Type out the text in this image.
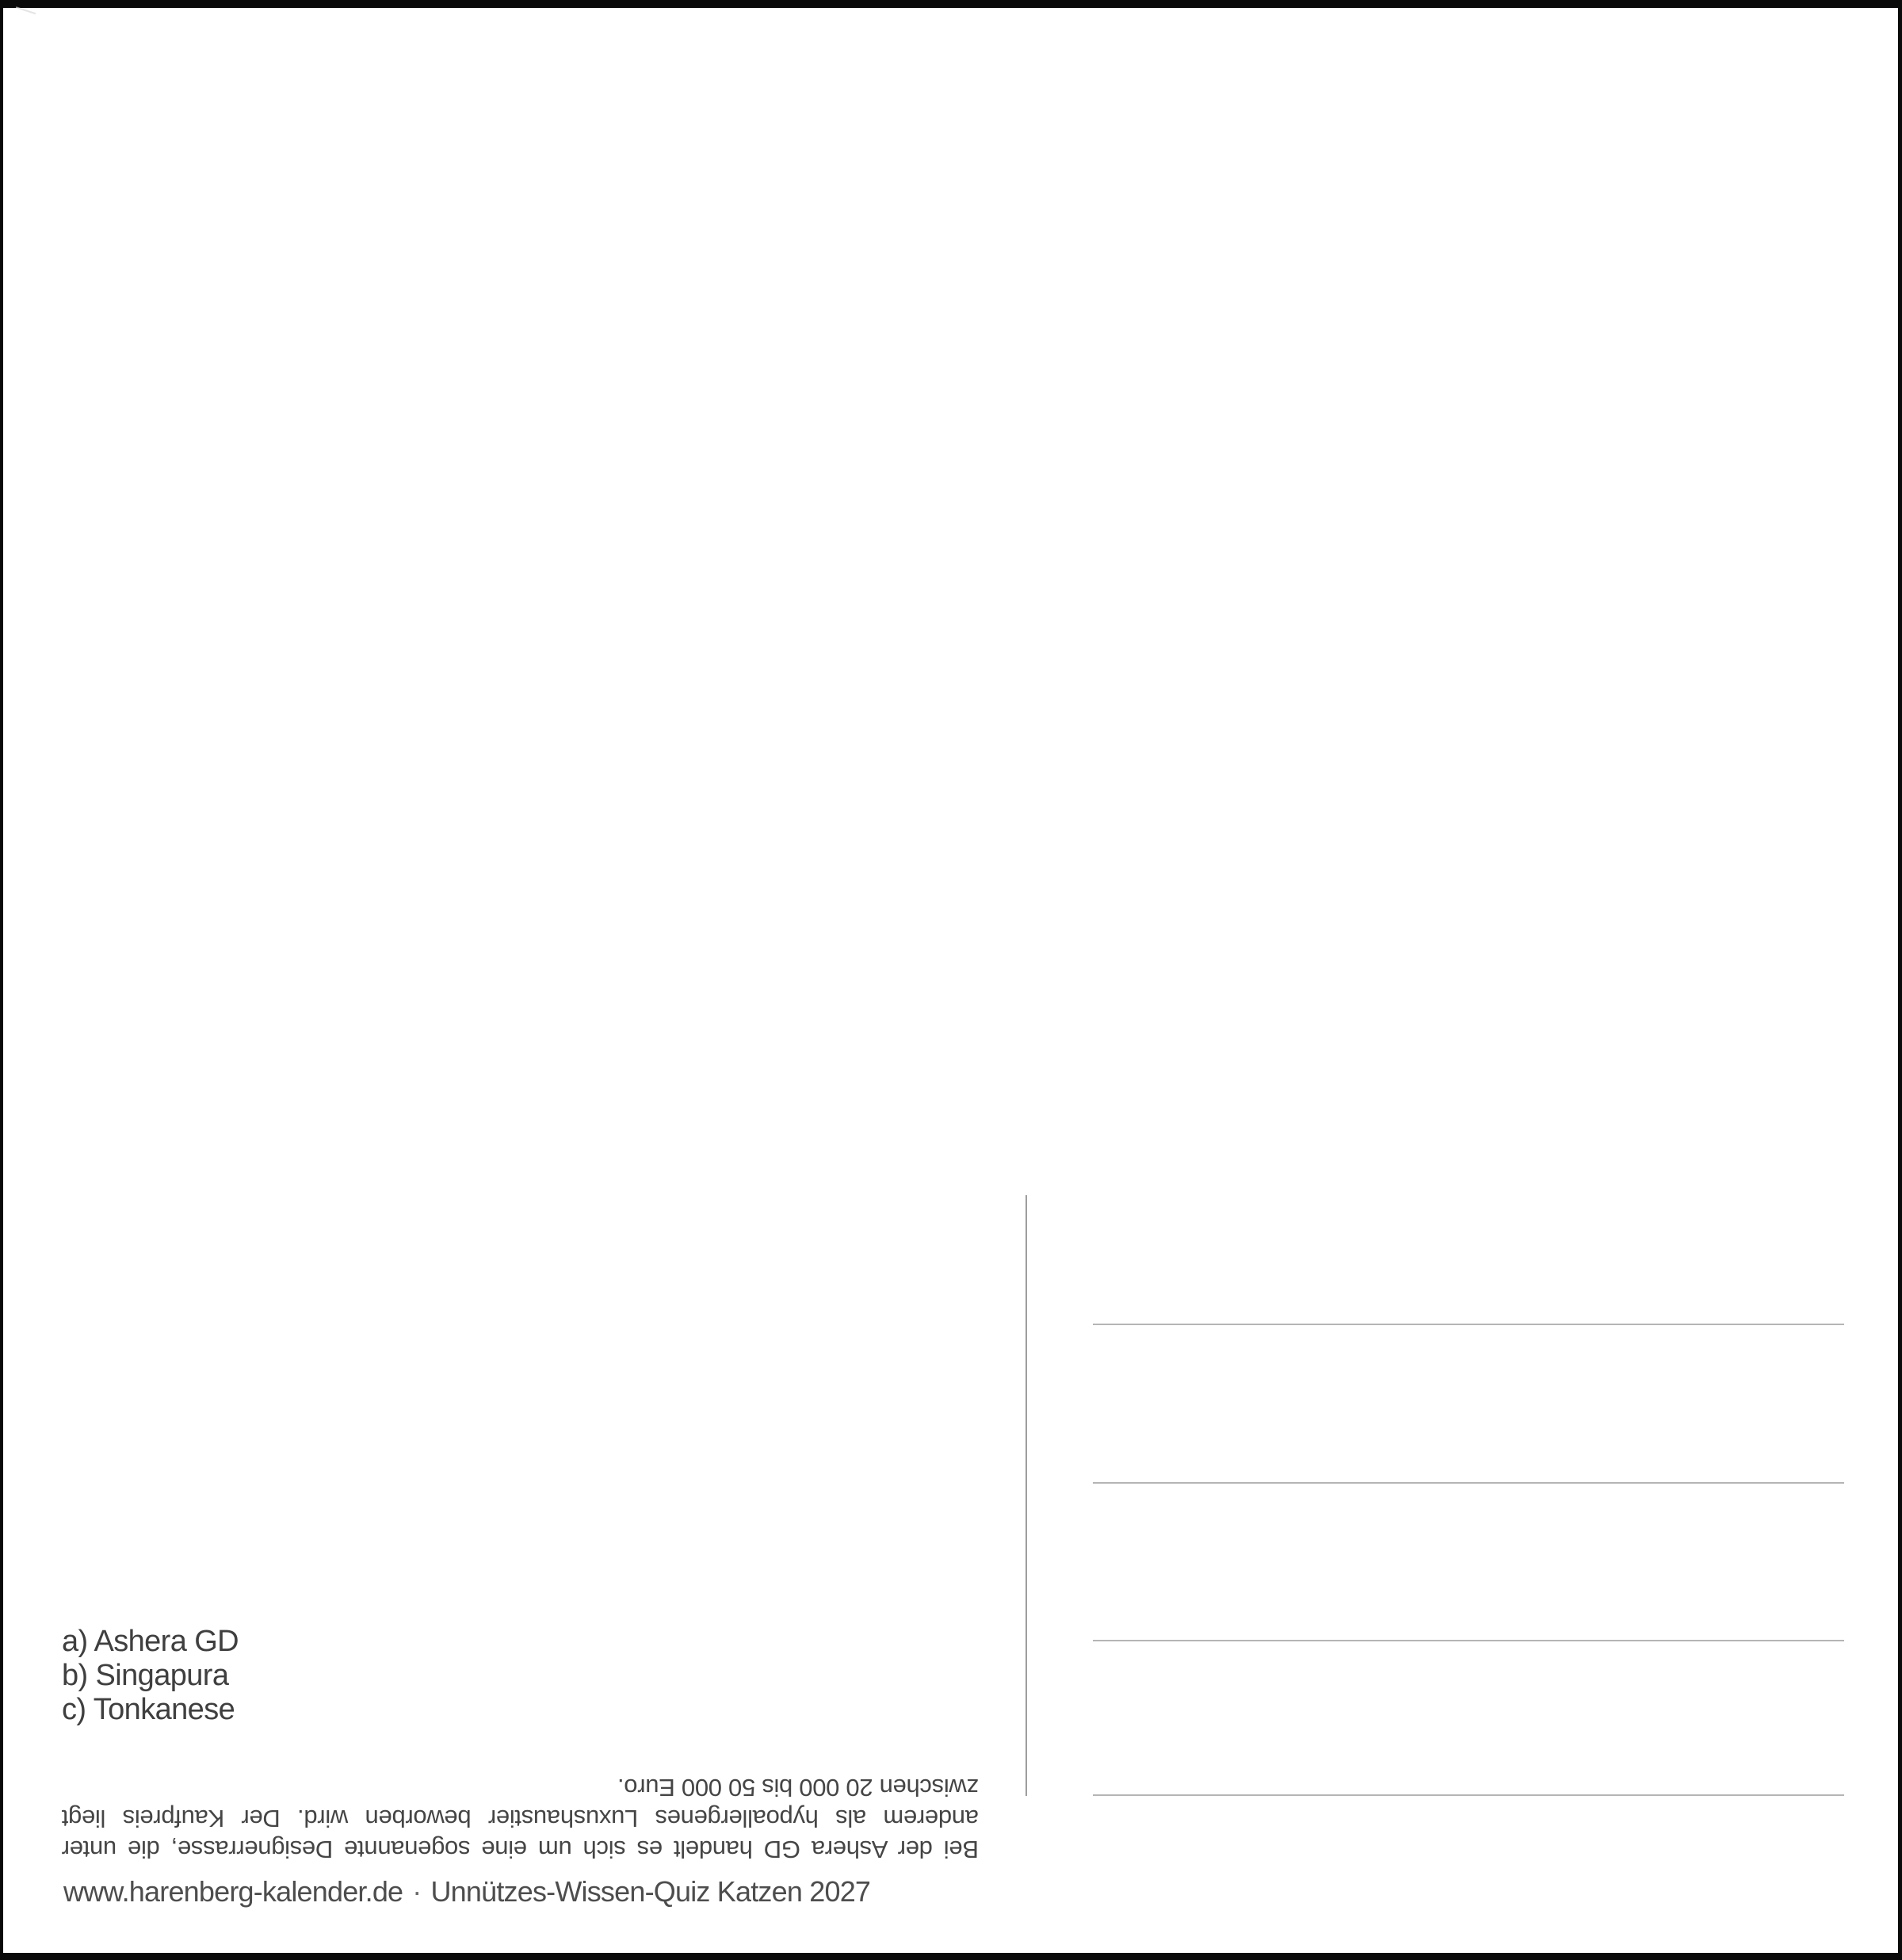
a) Ashera GD
b) Singapura
c) Tonkanese
Bei der Ashera GD handelt es sich um eine sogenannte Designerrasse, die unter
anderem als hypoallergenes Luxushaustier beworben wird. Der Kaufpreis liegt
zwischen 20 000 bis 50 000 Euro.
www.harenberg-kalender.de · Unnützes-Wissen-Quiz Katzen 2027
